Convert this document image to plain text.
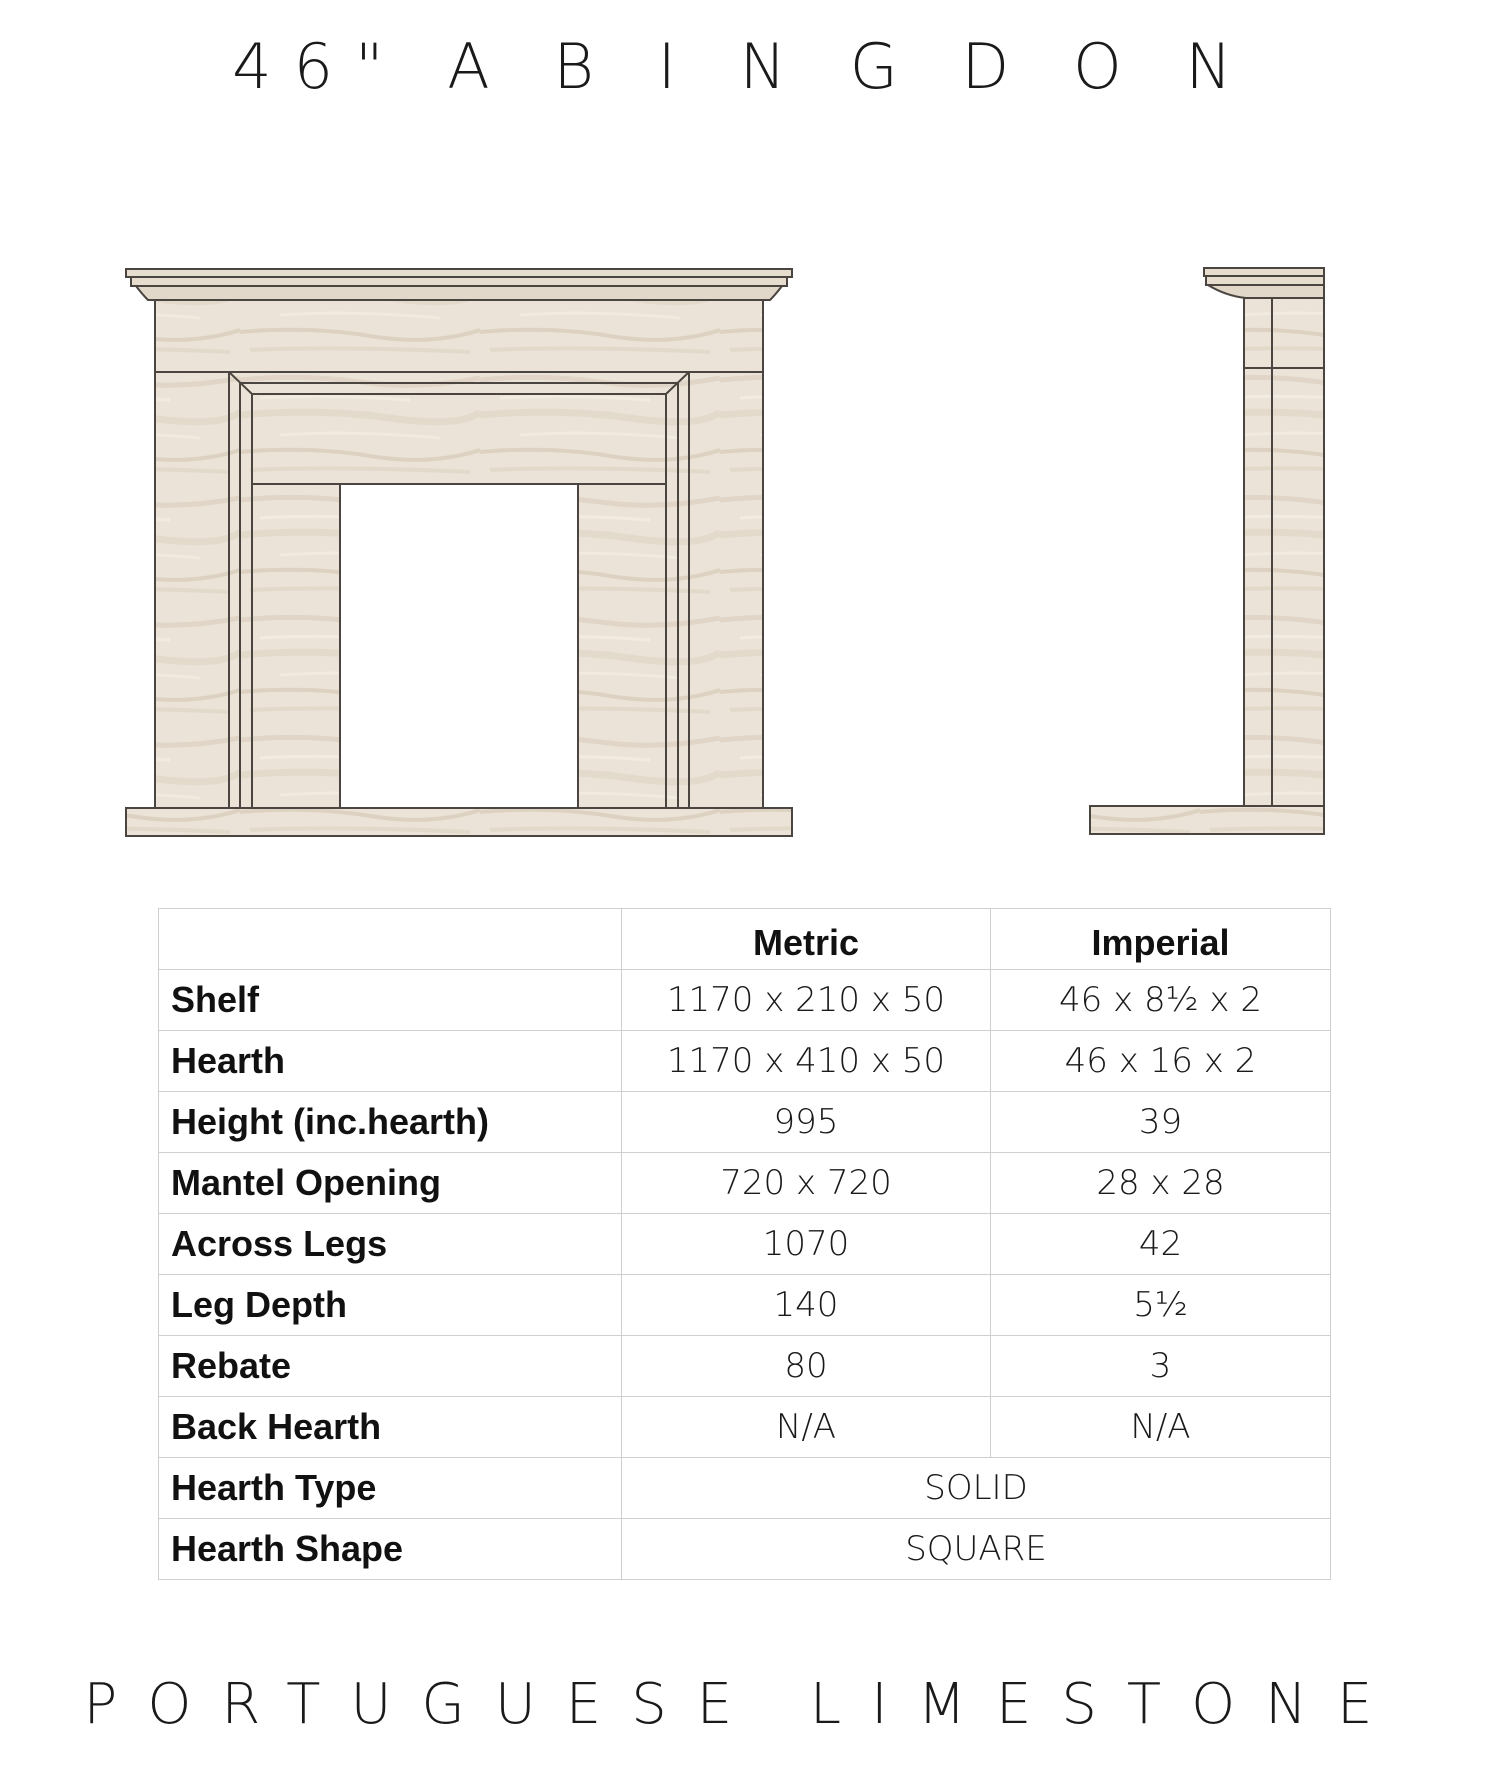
46" A B I N G D O N
	Metric	Imperial
Shelf	1170 x 210 x 50	46 x 8½ x 2
Hearth	1170 x 410 x 50	46 x 16 x 2
Height (inc.hearth)	995	39
Mantel Opening	720 x 720	28 x 28
Across Legs	1070	42
Leg Depth	140	5½
Rebate	80	3
Back Hearth	N/A	N/A
Hearth Type	SOLID	
Hearth Shape	SQUARE	
PORTUGUESE LIMESTONE
